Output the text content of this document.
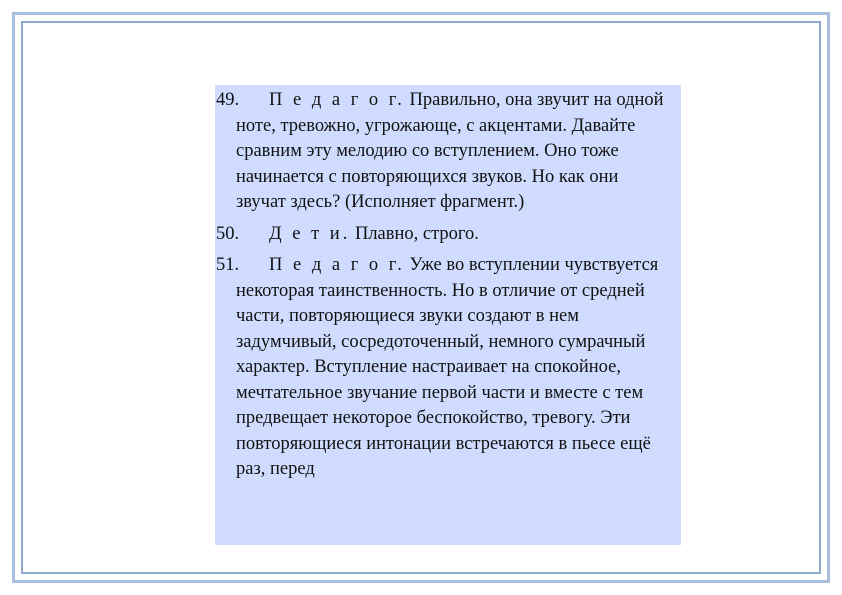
49. П е д а г о г. Правильно, она звучит на одной ноте, тревожно, угрожающе, с акцентами. Давайте сравним эту мелодию со вступлением. Оно тоже начинается с повторяющихся звуков. Но как они звучат здесь? (Исполняет фрагмент.)
50. Д е т и. Плавно, строго.
51. П е д а г о г. Уже во вступлении чувствуется некоторая таинственность. Но в отличие от средней части, повторяющиеся звуки создают в нем задумчивый, сосредоточенный, немного сумрачный характер. Вступление настраивает на спокойное, мечтательное звучание первой части и вместе с тем предвещает некоторое беспокойство, тревогу. Эти повторяющиеся интонации встречаются в пьесе ещё раз, перед
